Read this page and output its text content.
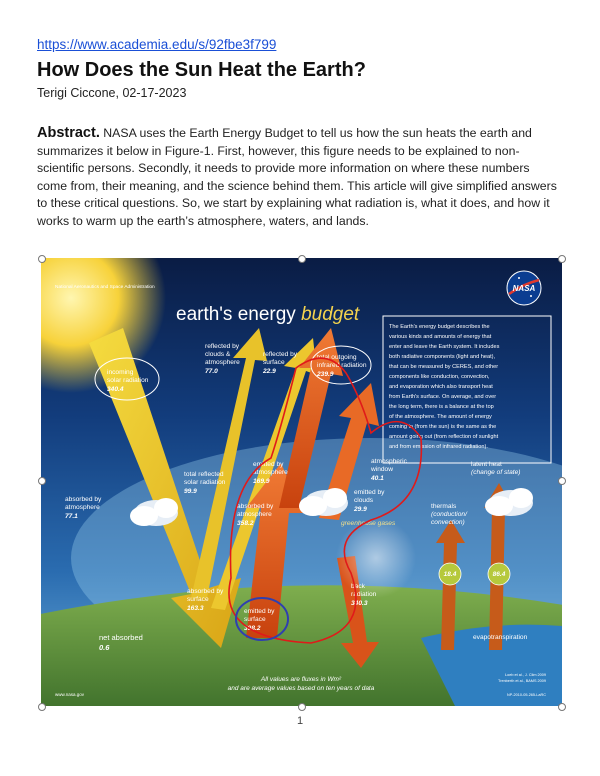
https://www.academia.edu/s/92fbe3f799
How Does the Sun Heat the Earth?
Terigi Ciccone, 02-17-2023

Abstract. NASA uses the Earth Energy Budget to tell us how the sun heats the earth and summarizes it below in Figure-1. First, however, this figure needs to be explained to non-scientific persons. Secondly, it needs to provide more information on where these numbers come from, their meaning, and the science behind them. This article will give simplified answers to these critical questions. So, we start by explaining what radiation is, what it does, and how it works to warm up the earth’s atmosphere, waters, and lands.

National Aeronautics and Space Administration
earth's energy budget
NASA
The Earth's energy budget describes the various kinds and amounts of energy that enter and leave the Earth system. It includes both radiative components (light and heat), that can be measured by CERES, and other components like conduction, convection, and evaporation which also transport heat from Earth's surface. On average, and over the long term, there is a balance at the top of the atmosphere. The amount of energy coming in (from the sun) is the same as the amount going out (from reflection of sunlight and from emission of infrared radiation).
incoming solar radiation 340.4
reflected by clouds & atmosphere 77.0
reflected by surface 22.9
total outgoing infrared radiation 239.9
total reflected solar radiation 99.9
absorbed by atmosphere 77.1
emitted by atmosphere 169.9
atmospheric window 40.1
absorbed by atmosphere 358.2
emitted by clouds 29.9
greenhouse gases
latent heat (change of state)
thermals (conduction/ convection)
absorbed by surface 163.3	emitted by surface 398.2
back radiation 340.3
net absorbed 0.6
evapotranspiration
18.4	86.4
All values are fluxes in Wm²
and are average values based on ten years of data
www.nasa.gov
Loeb et al., J. Clim 2009
Trenberth et al., BAMS 2009
NP-2010-05-265-LaRC
1
